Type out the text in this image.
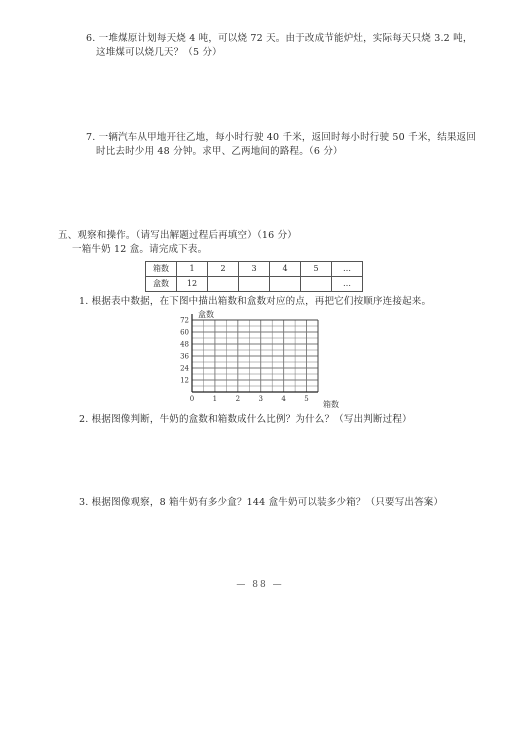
6. 一堆煤原计划每天烧 4 吨，可以烧 72 天。由于改成节能炉灶，实际每天只烧 3.2 吨，
这堆煤可以烧几天？（5 分）
7. 一辆汽车从甲地开往乙地，每小时行驶 40 千米，返回时每小时行驶 50 千米，结果返回
时比去时少用 48 分钟。求甲、乙两地间的路程。（6 分）
五、观察和操作。（请写出解题过程后再填空）（16 分）
一箱牛奶 12 盒。请完成下表。
箱数	1	2	3	4	5	…
盒数	12					…
1. 根据表中数据，在下图中描出箱数和盒数对应的点，再把它们按顺序连接起来。
12
24
36
48
60
72
0	1	2	3	4	5
盒数
箱数
2. 根据图像判断，牛奶的盒数和箱数成什么比例？为什么？（写出判断过程）
3. 根据图像观察，8 箱牛奶有多少盒？144 盒牛奶可以装多少箱？（只要写出答案）
— 88 —
